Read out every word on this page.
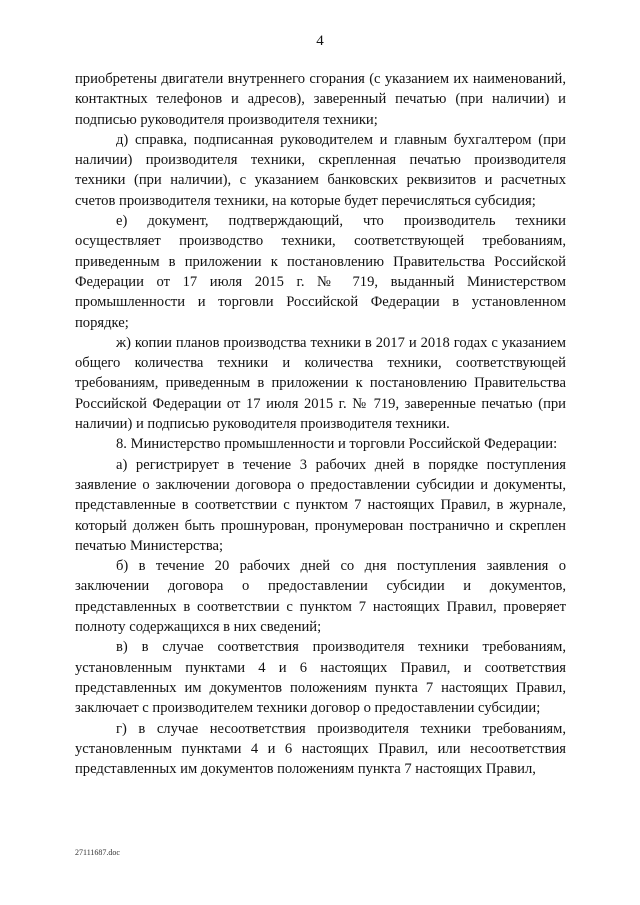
4

приобретены двигатели внутреннего сгорания (с указанием их наименований, контактных телефонов и адресов), заверенный печатью (при наличии) и подписью руководителя производителя техники;

д) справка, подписанная руководителем и главным бухгалтером (при наличии) производителя техники, скрепленная печатью производителя техники (при наличии), с указанием банковских реквизитов и расчетных счетов производителя техники, на которые будет перечисляться субсидия;

е) документ, подтверждающий, что производитель техники осуществляет производство техники, соответствующей требованиям, приведенным в приложении к постановлению Правительства Российской Федерации от 17 июля 2015 г. № 719, выданный Министерством промышленности и торговли Российской Федерации в установленном порядке;

ж) копии планов производства техники в 2017 и 2018 годах с указанием общего количества техники и количества техники, соответствующей требованиям, приведенным в приложении к постановлению Правительства Российской Федерации от 17 июля 2015 г. № 719, заверенные печатью (при наличии) и подписью руководителя производителя техники.

8. Министерство промышленности и торговли Российской Федерации:

а) регистрирует в течение 3 рабочих дней в порядке поступления заявление о заключении договора о предоставлении субсидии и документы, представленные в соответствии с пунктом 7 настоящих Правил, в журнале, который должен быть прошнурован, пронумерован постранично и скреплен печатью Министерства;

б) в течение 20 рабочих дней со дня поступления заявления о заключении договора о предоставлении субсидии и документов, представленных в соответствии с пунктом 7 настоящих Правил, проверяет полноту содержащихся в них сведений;

в) в случае соответствия производителя техники требованиям, установленным пунктами 4 и 6 настоящих Правил, и соответствия представленных им документов положениям пункта 7 настоящих Правил, заключает с производителем техники договор о предоставлении субсидии;

г) в случае несоответствия производителя техники требованиям, установленным пунктами 4 и 6 настоящих Правил, или несоответствия представленных им документов положениям пункта 7 настоящих Правил,

27111687.doc
